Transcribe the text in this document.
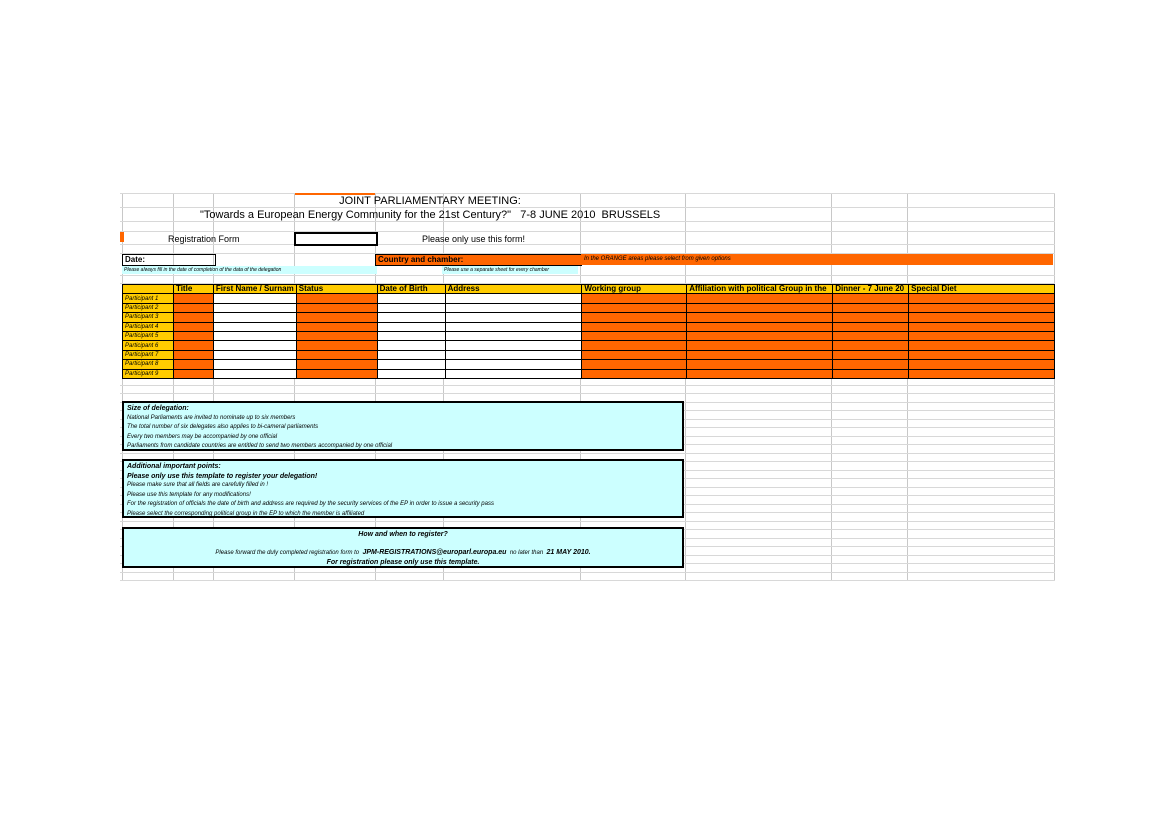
JOINT PARLIAMENTARY MEETING:
"Towards a European Energy Community for the 21st Century?"   7-8 JUNE 2010  BRUSSELS
Registration Form	Please only use this form!
Date:	Country and chamber:	In the ORANGE areas please select from given options
Please always fill in the date of completion of the data of the delegation	Please use a separate sheet for every chamber
	Title	First Name / Surnam	Status	Date of Birth	Address	Working group	Affiliation with political Group in the	Dinner - 7 June 20	Special Diet
Participant 1									
Participant 2									
Participant 3									
Participant 4									
Participant 5									
Participant 6									
Participant 7									
Participant 8									
Participant 9									
Size of delegation:
National Parliaments are invited to nominate up to six members
The total number of six delegates also applies to bi-cameral parliaments
Every two members may be accompanied by one official
Parliaments from candidate countries are entitled to send two members accompanied by one official
Additional important points:
Please only use this template to register your delegation!
Please make sure that all fields are carefully filled in !
Please use this template for any modifications!
For the registration of officials the date of birth and address are required by the security services of the EP in order to issue a security pass
Please select the corresponding political group in the EP to which the member is affiliated
How and when to register?
Please forward the duly completed registration form to JPM-REGISTRATIONS@europarl.europa.eu no later than 21 MAY 2010.
For registration please only use this template.
